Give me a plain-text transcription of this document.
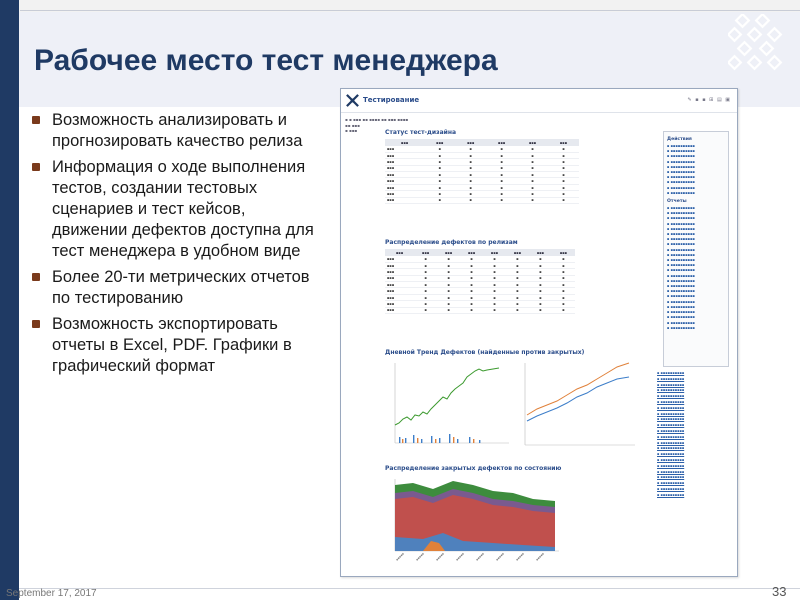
Рабочее место тест менеджера
Возможность анализировать и прогнозировать качество релиза
Информация о ходе выполнения тестов, создании тестовых сценариев и тест кейсов, движении дефектов доступна для тест менеджера в удобном виде
Более 20-ти метрических отчетов по тестированию
Возможность экспортировать отчеты в Excel, PDF. Графики в графический формат
Тестирование	✎ ▪ ▪ ⊞ ▤ ▣
▪ ▪ ▪▪▪ ▪▪ ▪▪▪▪ ▪▪ ▪▪▪ ▪▪▪▪
▪▪ ▪▪▪
▪ ▪▪▪	Статус тест-дизайна
▪▪▪	▪▪▪	▪▪▪	▪▪▪	▪▪▪	▪▪▪
▪▪▪	▪	▪	▪	▪	▪
▪▪▪	▪	▪	▪	▪	▪
▪▪▪	▪	▪	▪	▪	▪
▪▪▪	▪	▪	▪	▪	▪
▪▪▪	▪	▪	▪	▪	▪
▪▪▪	▪	▪	▪	▪	▪
▪▪▪	▪	▪	▪	▪	▪
▪▪▪	▪	▪	▪	▪	▪
▪▪▪	▪	▪	▪	▪	▪
Распределение дефектов по релизам
▪▪▪	▪▪▪	▪▪▪	▪▪▪	▪▪▪	▪▪▪	▪▪▪	▪▪▪
▪▪▪	▪	▪	▪	▪	▪	▪	▪
▪▪▪	▪	▪	▪	▪	▪	▪	▪
▪▪▪	▪	▪	▪	▪	▪	▪	▪
▪▪▪	▪	▪	▪	▪	▪	▪	▪
▪▪▪	▪	▪	▪	▪	▪	▪	▪
▪▪▪	▪	▪	▪	▪	▪	▪	▪
▪▪▪	▪	▪	▪	▪	▪	▪	▪
▪▪▪	▪	▪	▪	▪	▪	▪	▪
▪▪▪	▪	▪	▪	▪	▪	▪	▪
Дневной Тренд Дефектов (найденные против закрытых)
Распределение закрытых дефектов по состоянию
▪▪▪▪▪	▪▪▪▪▪	▪▪▪▪▪	▪▪▪▪▪	▪▪▪▪▪	▪▪▪▪▪	▪▪▪▪▪	▪▪▪▪▪
Действия
▪ ▪▪▪▪▪▪▪▪▪▪
▪ ▪▪▪▪▪▪▪▪▪▪
▪ ▪▪▪▪▪▪▪▪▪▪
▪ ▪▪▪▪▪▪▪▪▪▪
▪ ▪▪▪▪▪▪▪▪▪▪
▪ ▪▪▪▪▪▪▪▪▪▪
▪ ▪▪▪▪▪▪▪▪▪▪
▪ ▪▪▪▪▪▪▪▪▪▪
▪ ▪▪▪▪▪▪▪▪▪▪
▪ ▪▪▪▪▪▪▪▪▪▪
Отчеты
▪ ▪▪▪▪▪▪▪▪▪▪
▪ ▪▪▪▪▪▪▪▪▪▪
▪ ▪▪▪▪▪▪▪▪▪▪
▪ ▪▪▪▪▪▪▪▪▪▪
▪ ▪▪▪▪▪▪▪▪▪▪
▪ ▪▪▪▪▪▪▪▪▪▪
▪ ▪▪▪▪▪▪▪▪▪▪
▪ ▪▪▪▪▪▪▪▪▪▪
▪ ▪▪▪▪▪▪▪▪▪▪
▪ ▪▪▪▪▪▪▪▪▪▪
▪ ▪▪▪▪▪▪▪▪▪▪
▪ ▪▪▪▪▪▪▪▪▪▪
▪ ▪▪▪▪▪▪▪▪▪▪
▪ ▪▪▪▪▪▪▪▪▪▪
▪ ▪▪▪▪▪▪▪▪▪▪
▪ ▪▪▪▪▪▪▪▪▪▪
▪ ▪▪▪▪▪▪▪▪▪▪
▪ ▪▪▪▪▪▪▪▪▪▪
▪ ▪▪▪▪▪▪▪▪▪▪
▪ ▪▪▪▪▪▪▪▪▪▪
▪ ▪▪▪▪▪▪▪▪▪▪
▪ ▪▪▪▪▪▪▪▪▪▪
▪ ▪▪▪▪▪▪▪▪▪▪
▪ ▪▪▪▪▪▪▪▪▪▪
▪ ▪▪▪▪▪▪▪▪▪▪
▪ ▪▪▪▪▪▪▪▪▪▪
▪ ▪▪▪▪▪▪▪▪▪▪
▪ ▪▪▪▪▪▪▪▪▪▪
▪ ▪▪▪▪▪▪▪▪▪▪
▪ ▪▪▪▪▪▪▪▪▪▪
▪ ▪▪▪▪▪▪▪▪▪▪
▪ ▪▪▪▪▪▪▪▪▪▪
▪ ▪▪▪▪▪▪▪▪▪▪
▪ ▪▪▪▪▪▪▪▪▪▪
▪ ▪▪▪▪▪▪▪▪▪▪
▪ ▪▪▪▪▪▪▪▪▪▪
▪ ▪▪▪▪▪▪▪▪▪▪
▪ ▪▪▪▪▪▪▪▪▪▪
▪ ▪▪▪▪▪▪▪▪▪▪
▪ ▪▪▪▪▪▪▪▪▪▪
▪ ▪▪▪▪▪▪▪▪▪▪
▪ ▪▪▪▪▪▪▪▪▪▪
▪ ▪▪▪▪▪▪▪▪▪▪
▪ ▪▪▪▪▪▪▪▪▪▪
▪ ▪▪▪▪▪▪▪▪▪▪
▪ ▪▪▪▪▪▪▪▪▪▪
September 17, 2017	33
